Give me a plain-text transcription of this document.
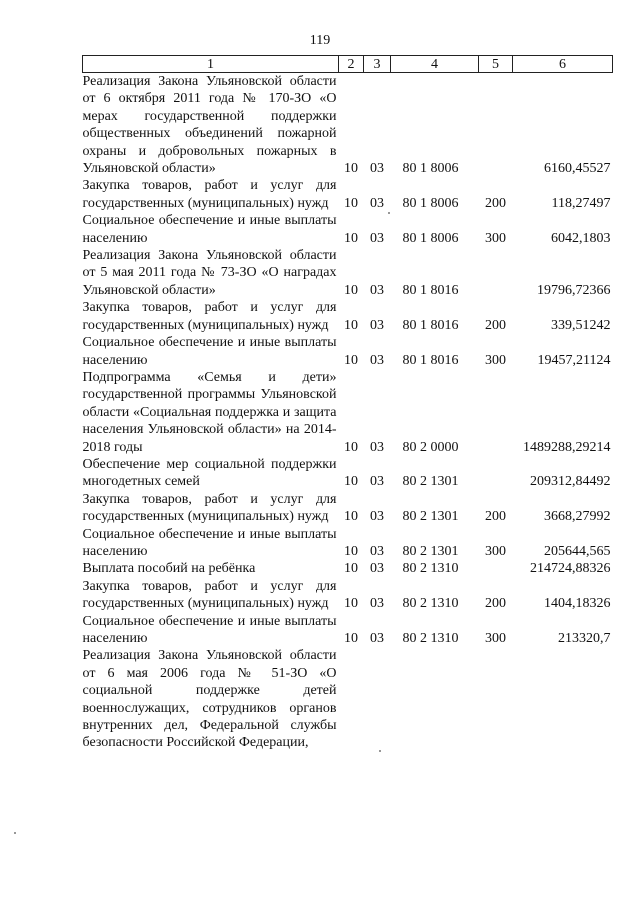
119
1	2	3	4	5	6
Реализация Закона Ульяновской области от 6 октября 2011 года № 170-ЗО «О мерах государственной поддержки общественных объединений пожарной охраны и добровольных пожарных в Ульяновской области»	10	03	80 1 8006		6160,45527
Закупка товаров, работ и услуг для государственных (муниципальных) нужд	10	03	80 1 8006	200	118,27497
Социальное обеспечение и иные выплаты населению	10	03	80 1 8006	300	6042,1803
Реализация Закона Ульяновской области от 5 мая 2011 года № 73-ЗО «О наградах Ульяновской области»	10	03	80 1 8016		19796,72366
Закупка товаров, работ и услуг для государственных (муниципальных) нужд	10	03	80 1 8016	200	339,51242
Социальное обеспечение и иные выплаты населению	10	03	80 1 8016	300	19457,21124
Подпрограмма «Семья и дети» государственной программы Ульяновской области «Социальная поддержка и защита населения Ульяновской области» на 2014-2018 годы	10	03	80 2 0000		1489288,29214
Обеспечение мер социальной поддержки многодетных семей	10	03	80 2 1301		209312,84492
Закупка товаров, работ и услуг для государственных (муниципальных) нужд	10	03	80 2 1301	200	3668,27992
Социальное обеспечение и иные выплаты населению	10	03	80 2 1301	300	205644,565
Выплата пособий на ребёнка	10	03	80 2 1310		214724,88326
Закупка товаров, работ и услуг для государственных (муниципальных) нужд	10	03	80 2 1310	200	1404,18326
Социальное обеспечение и иные выплаты населению	10	03	80 2 1310	300	213320,7
Реализация Закона Ульяновской области от 6 мая 2006 года № 51-ЗО «О социальной поддержке детей военнослужащих, сотрудников органов внутренних дел, Федеральной службы безопасности Российской Федерации,					
